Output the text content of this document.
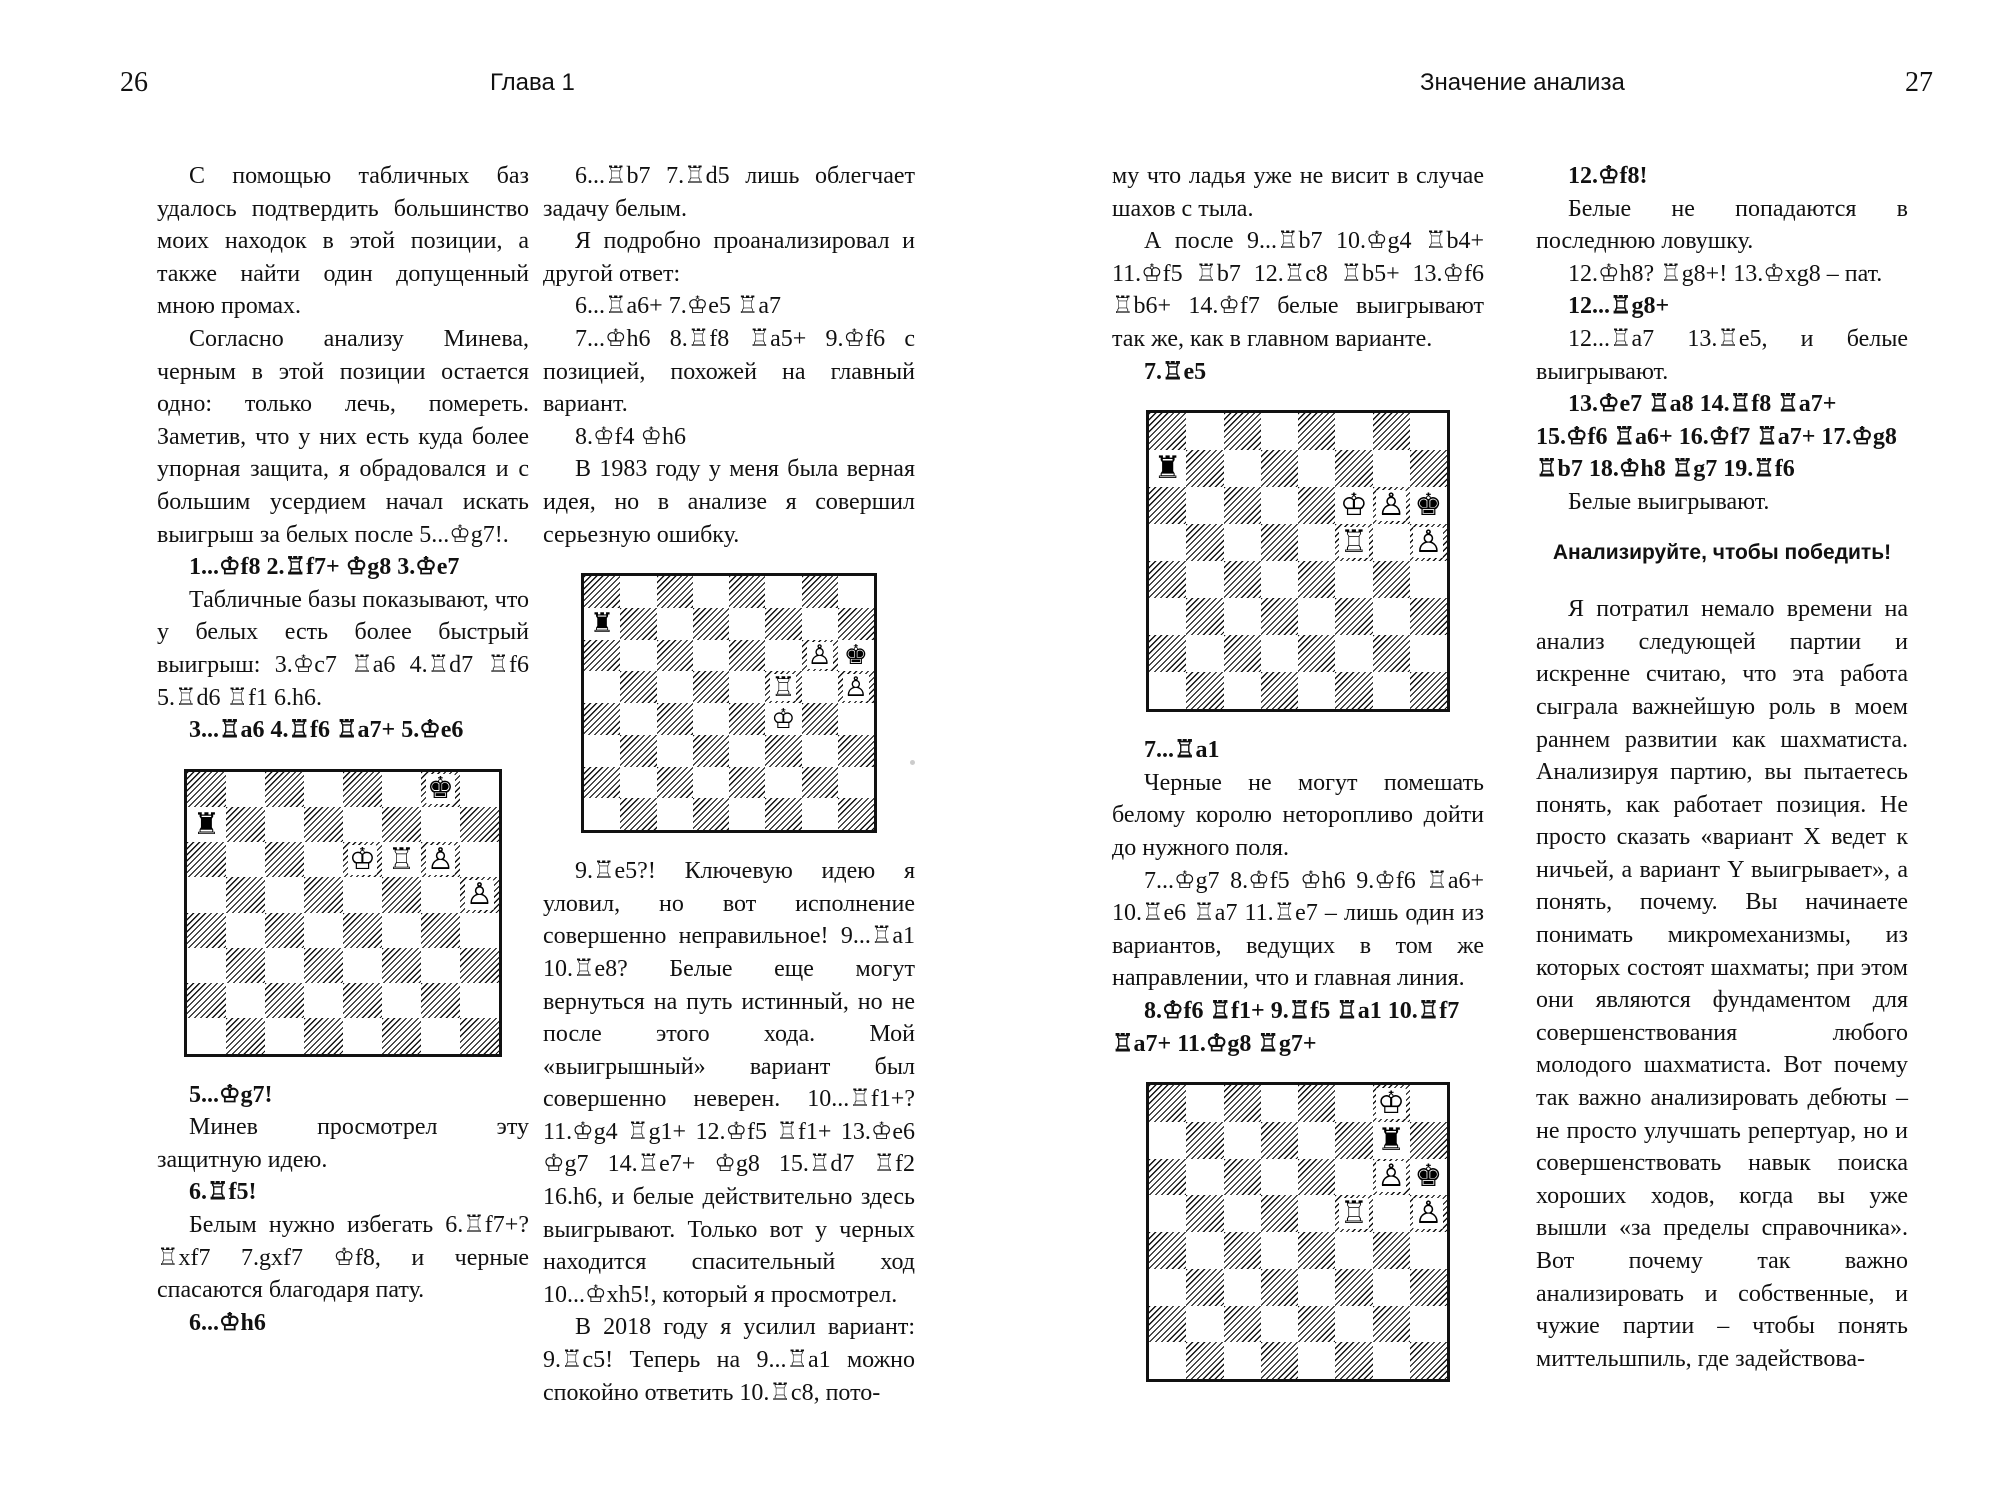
26	Глава 1	Значение анализа	27

С помощью табличных баз удалось подтвердить большинство моих находок в этой позиции, а также найти один допущенный мною промах.

Согласно анализу Минева, черным в этой позиции остается одно: только лечь, помереть. Заметив, что у них есть куда более упорная защита, я обрадовался и с большим усердием начал искать выигрыш за белых после 5...♔g7!.

1...♔f8 2.♖f7+ ♔g8 3.♔e7

Табличные базы показывают, что у белых есть более быстрый выигрыш: 3.♔c7 ♖a6 4.♖d7 ♖f6 5.♖d6 ♖f1 6.h6.

3...♖a6 4.♖f6 ♖a7+ 5.♔e6

♚
♜
♔ ♖ ♙
♙

5...♔g7!

Минев просмотрел эту защитную идею.

6.♖f5!

Белым нужно избегать 6.♖f7+? ♖xf7 7.gxf7 ♔f8, и черные спасаются благодаря пату.

6...♔h6

6...♖b7 7.♖d5 лишь облегчает задачу белым.

Я подробно проанализировал и другой ответ:

6...♖a6+ 7.♔e5 ♖a7

7...♔h6 8.♖f8 ♖a5+ 9.♔f6 с позицией, похожей на главный вариант.

8.♔f4 ♔h6

В 1983 году у меня была верная идея, но в анализе я совершил серьезную ошибку.

♜
♙ ♚
♖ ♙
♔

9.♖e5?! Ключевую идею я уловил, но вот исполнение совершенно неправильное! 9...♖a1 10.♖e8? Белые еще могут вернуться на путь истинный, но не после этого хода. Мой «выигрышный» вариант был совершенно неверен. 10...♖f1+? 11.♔g4 ♖g1+ 12.♔f5 ♖f1+ 13.♔e6 ♔g7 14.♖e7+ ♔g8 15.♖d7 ♖f2 16.h6, и белые действительно здесь выигрывают. Только вот у черных находится спасительный ход 10...♔xh5!, который я просмотрел.

В 2018 году я усилил вариант: 9.♖c5! Теперь на 9...♖a1 можно спокойно ответить 10.♖c8, пото-

му что ладья уже не висит в случае шахов с тыла.

А после 9...♖b7 10.♔g4 ♖b4+ 11.♔f5 ♖b7 12.♖c8 ♖b5+ 13.♔f6 ♖b6+ 14.♔f7 белые выигрывают так же, как в главном варианте.

7.♖e5

♜
♔ ♙ ♚
♖ ♙

7...♖a1

Черные не могут помешать белому королю неторопливо дойти до нужного поля.

7...♔g7 8.♔f5 ♔h6 9.♔f6 ♖a6+ 10.♖e6 ♖a7 11.♖e7 – лишь один из вариантов, ведущих в том же направлении, что и главная линия.

8.♔f6 ♖f1+ 9.♖f5 ♖a1 10.♖f7 ♖a7+ 11.♔g8 ♖g7+

♔
♜
♙ ♚
♖ ♙

12.♔f8!

Белые не попадаются в последнюю ловушку.

12.♔h8? ♖g8+! 13.♔xg8 – пат.

12...♖g8+

12...♖a7 13.♖e5, и белые выигрывают.

13.♔e7 ♖a8 14.♖f8 ♖a7+ 15.♔f6 ♖a6+ 16.♔f7 ♖a7+ 17.♔g8 ♖b7 18.♔h8 ♖g7 19.♖f6

Белые выигрывают.

Анализируйте, чтобы победить!

Я потратил немало времени на анализ следующей партии и искренне считаю, что эта работа сыграла важнейшую роль в моем раннем развитии как шахматиста. Анализируя партию, вы пытаетесь понять, как работает позиция. Не просто сказать «вариант X ведет к ничьей, а вариант Y выигрывает», а понять, почему. Вы начинаете понимать микромеханизмы, из которых состоят шахматы; при этом они являются фундаментом для совершенствования любого молодого шахматиста. Вот почему так важно анализировать дебюты – не просто улучшать репертуар, но и совершенствовать навык поиска хороших ходов, когда вы уже вышли «за пределы справочника». Вот почему так важно анализировать и собственные, и чужие партии – чтобы понять миттельшпиль, где задействова-
